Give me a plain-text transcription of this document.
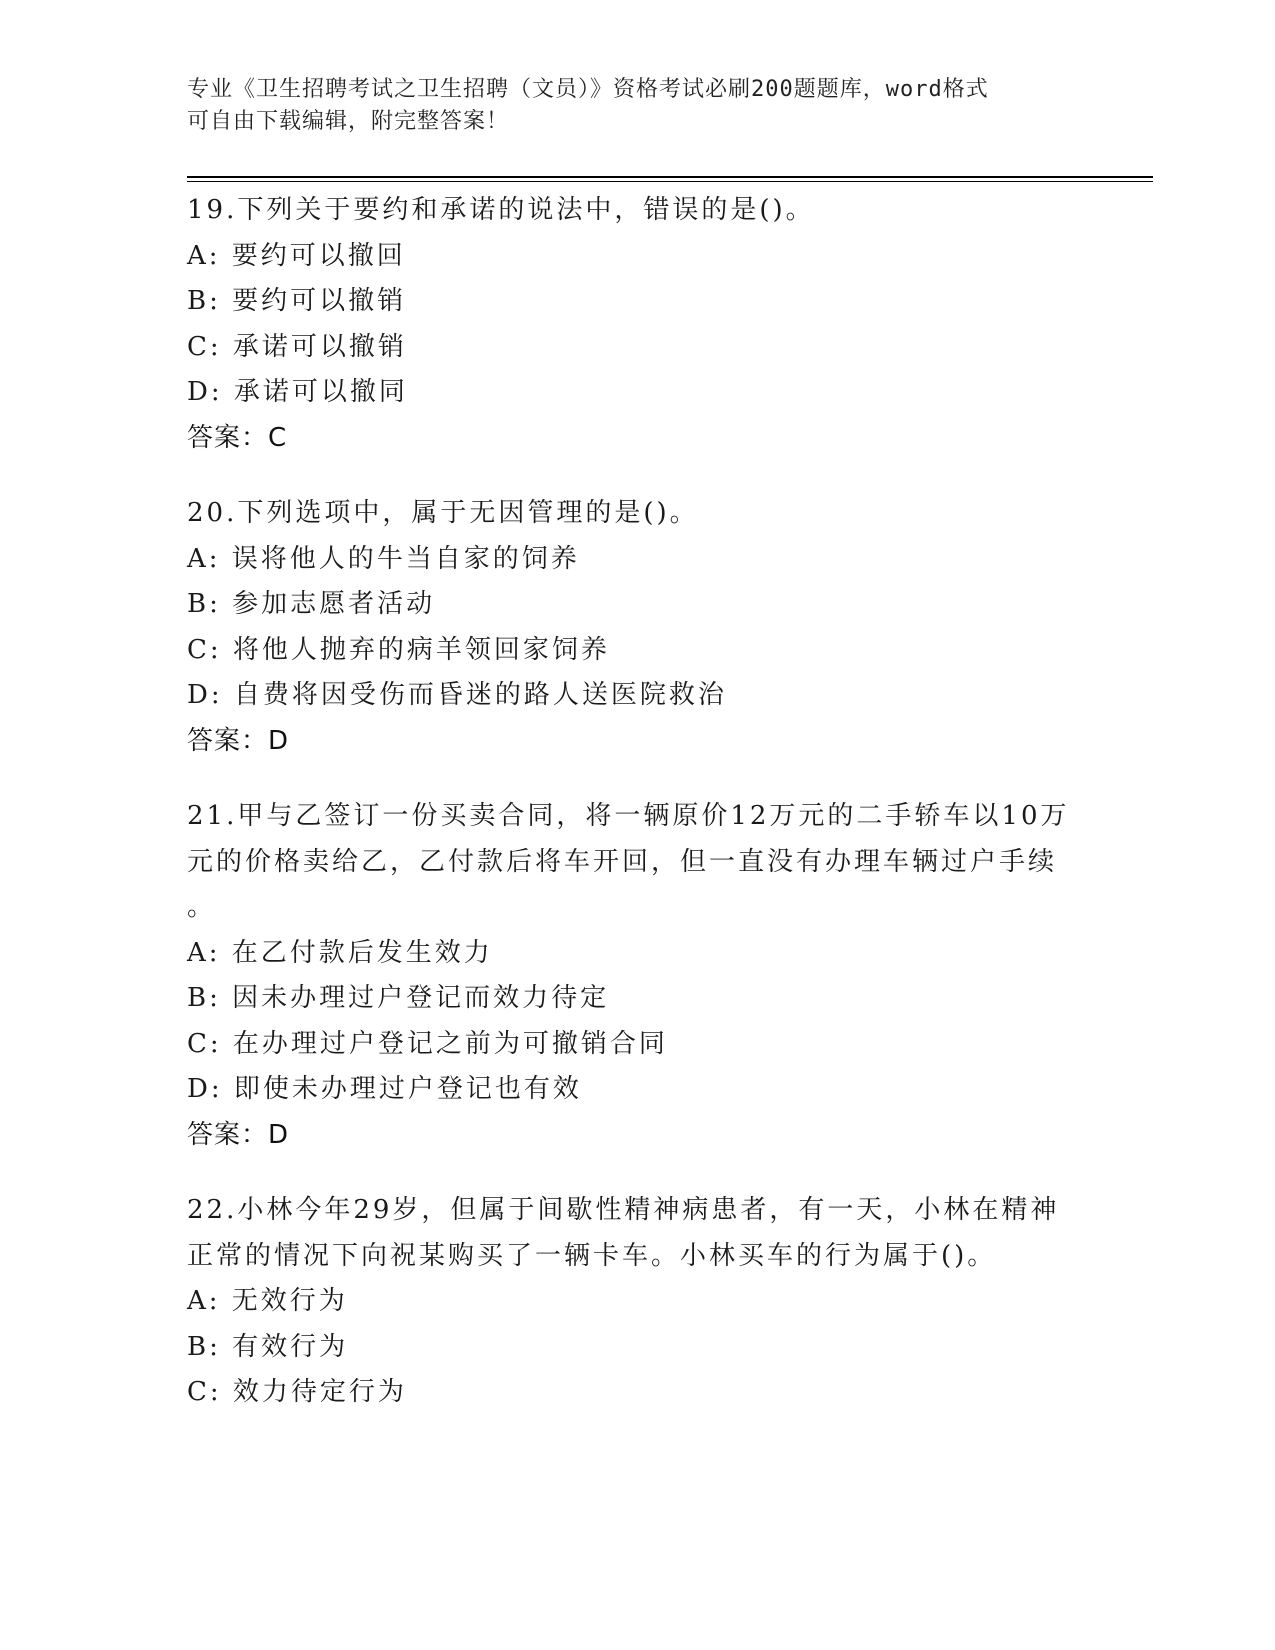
专业《卫生招聘考试之卫生招聘（文员）》资格考试必刷200题题库，word格式
可自由下载编辑，附完整答案！
19.下列关于要约和承诺的说法中，错误的是()。
A: 要约可以撤回
B: 要约可以撤销
C: 承诺可以撤销
D: 承诺可以撤同
答案：C
20.下列选项中，属于无因管理的是()。
A: 误将他人的牛当自家的饲养
B: 参加志愿者活动
C: 将他人抛弃的病羊领回家饲养
D: 自费将因受伤而昏迷的路人送医院救治
答案：D
21.甲与乙签订一份买卖合同，将一辆原价12万元的二手轿车以10万
元的价格卖给乙，乙付款后将车开回，但一直没有办理车辆过户手续
。
A: 在乙付款后发生效力
B: 因未办理过户登记而效力待定
C: 在办理过户登记之前为可撤销合同
D: 即使未办理过户登记也有效
答案：D
22.小林今年29岁，但属于间歇性精神病患者，有一天，小林在精神
正常的情况下向祝某购买了一辆卡车。小林买车的行为属于()。
A: 无效行为
B: 有效行为
C: 效力待定行为
